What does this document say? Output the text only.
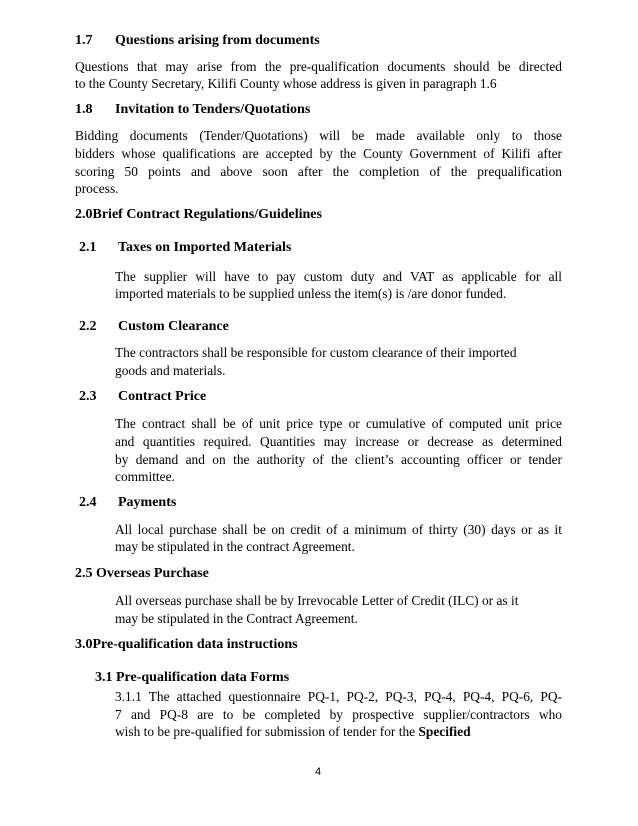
1.7 Questions arising from documents
Questions that may arise from the pre-qualification documents should be directed
to the County Secretary, Kilifi County whose address is given in paragraph 1.6
1.8 Invitation to Tenders/Quotations
Bidding documents (Tender/Quotations) will be made available only to those
bidders whose qualifications are accepted by the County Government of Kilifi after
scoring 50 points and above soon after the completion of the prequalification
process.
2.0Brief Contract Regulations/Guidelines
2.1 Taxes on Imported Materials
The supplier will have to pay custom duty and VAT as applicable for all
imported materials to be supplied unless the item(s) is /are donor funded.
2.2 Custom Clearance
The contractors shall be responsible for custom clearance of their imported
goods and materials.
2.3 Contract Price
The contract shall be of unit price type or cumulative of computed unit price
and quantities required. Quantities may increase or decrease as determined
by demand and on the authority of the client’s accounting officer or tender
committee.
2.4 Payments
All local purchase shall be on credit of a minimum of thirty (30) days or as it
may be stipulated in the contract Agreement.
2.5 Overseas Purchase
All overseas purchase shall be by Irrevocable Letter of Credit (ILC) or as it
may be stipulated in the Contract Agreement.
3.0Pre-qualification data instructions
3.1 Pre-qualification data Forms
3.1.1 The attached questionnaire PQ-1, PQ-2, PQ-3, PQ-4, PQ-4, PQ-6, PQ-
7 and PQ-8 are to be completed by prospective supplier/contractors who
wish to be pre-qualified for submission of tender for the Specified
4
